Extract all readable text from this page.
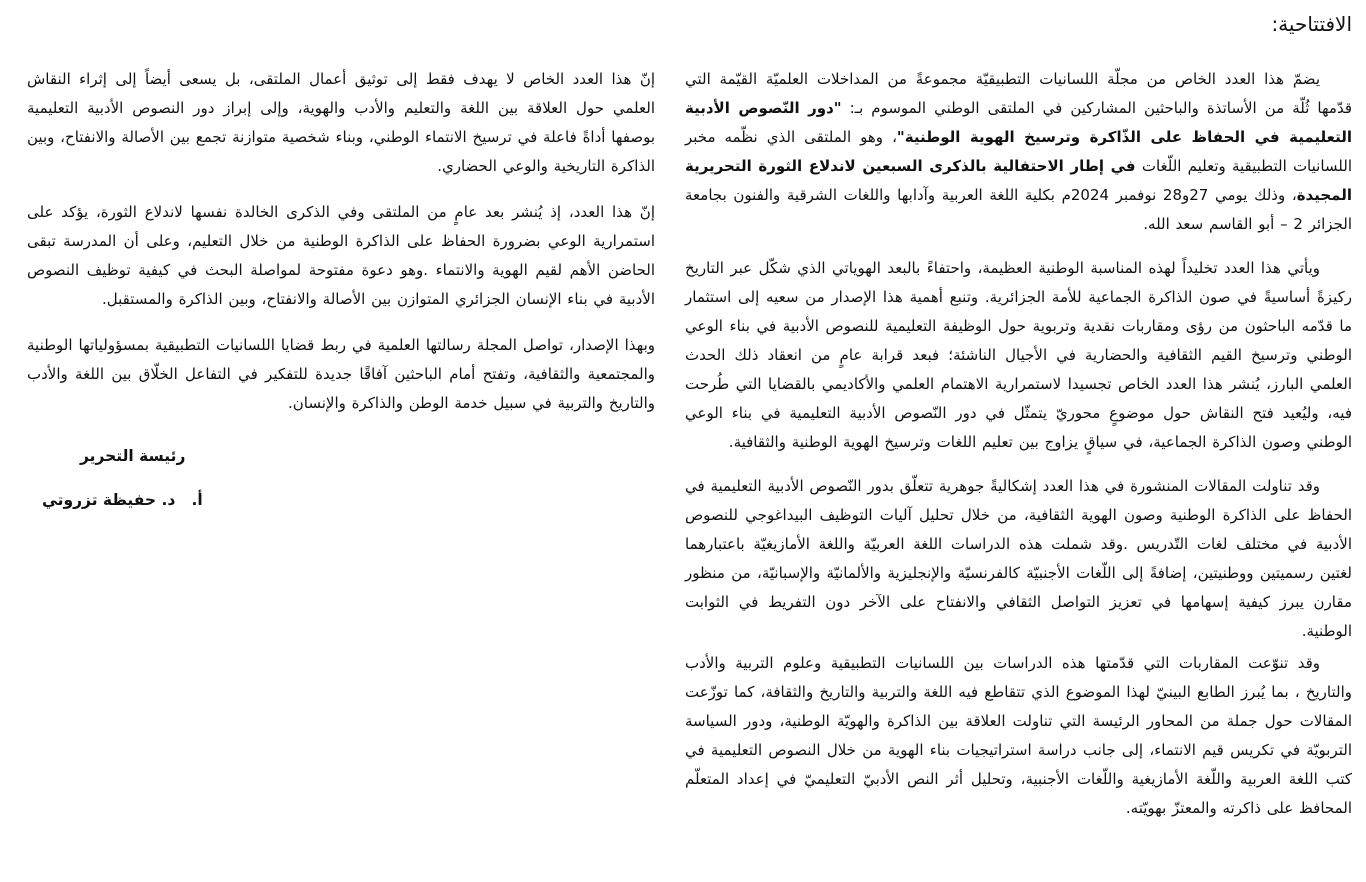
الافتتاحية:

يضمّ هذا العدد الخاص من مجلّة اللسانيات التطبيقيّة مجموعةً من المداخلات العلميّة القيّمة التي قدّمها ثُلّة من الأساتذة والباحثين المشاركين في الملتقى الوطني الموسوم بـ: "دور النّصوص الأدبية التعليمية في الحفاظ على الذّاكرة وترسيخ الهوية الوطنية"، وهو الملتقى الذي نظّمه مخبر اللسانيات التطبيقية وتعليم اللّغات في إطار الاحتفالية بالذكرى السبعين لاندلاع الثورة التحريرية المجيدة، وذلك يومي 27و28 نوفمبر 2024م بكلية اللغة العربية وآدابها واللغات الشرقية والفنون بجامعة الجزائر 2 – أبو القاسم سعد الله.

ويأتي هذا العدد تخليداً لهذه المناسبة الوطنية العظيمة، واحتفاءً بالبعد الهوياتي الذي شكّل عبر التاريخ ركيزةً أساسيةً في صون الذاكرة الجماعية للأمة الجزائرية. وتنبع أهمية هذا الإصدار من سعيه إلى استثمار ما قدّمه الباحثون من رؤى ومقاربات نقدية وتربوية حول الوظيفة التعليمية للنصوص الأدبية في بناء الوعي الوطني وترسيخ القيم الثقافية والحضارية في الأجيال الناشئة؛ فبعد قرابة عامٍ من انعقاد ذلك الحدث العلمي البارز، يُنشر هذا العدد الخاص تجسيدا لاستمرارية الاهتمام العلمي والأكاديمي بالقضايا التي طُرحت فيه، وليُعيد فتح النقاش حول موضوعٍ محوريّ يتمثّل في دور النّصوص الأدبية التعليمية في بناء الوعي الوطني وصون الذاكرة الجماعية، في سياقٍ يزاوج بين تعليم اللغات وترسيخ الهوية الوطنية والثقافية.

وقد تناولت المقالات المنشورة في هذا العدد إشكاليةً جوهرية تتعلّق بدور النّصوص الأدبية التعليمية في الحفاظ على الذاكرة الوطنية وصون الهوية الثقافية، من خلال تحليل آليات التوظيف البيداغوجي للنصوص الأدبية في مختلف لغات التّدريس .وقد شملت هذه الدراسات اللغة العربيّة واللغة الأمازيغيّة باعتبارهما لغتين رسميتين ووطنيتين، إضافةً إلى اللّغات الأجنبيّة كالفرنسيّة والإنجليزية والألمانيّة والإسبانيّة، من منظور مقارن يبرز كيفية إسهامها في تعزيز التواصل الثقافي والانفتاح على الآخر دون التفريط في الثوابت الوطنية.

وقد تنوّعت المقاربات التي قدّمتها هذه الدراسات بين اللسانيات التطبيقية وعلوم التربية والأدب والتاريخ ، بما يُبرز الطابع البينيّ لهذا الموضوع الذي تتقاطع فيه اللغة والتربية والتاريخ والثقافة، كما توزّعت المقالات حول جملة من المحاور الرئيسة التي تناولت العلاقة بين الذاكرة والهويّة الوطنية، ودور السياسة التربويّة في تكريس قيم الانتماء، إلى جانب دراسة استراتيجيات بناء الهوية من خلال النصوص التعليمية في كتب اللغة العربية واللّغة الأمازيغية واللّغات الأجنبية، وتحليل أثر النص الأدبيّ التعليميّ في إعداد المتعلّم المحافظ على ذاكرته والمعتزّ بهويّته.

إنّ هذا العدد الخاص لا يهدف فقط إلى توثيق أعمال الملتقى، بل يسعى أيضاً إلى إثراء النقاش العلمي حول العلاقة بين اللغة والتعليم والأدب والهوية، وإلى إبراز دور النصوص الأدبية التعليمية بوصفها أداةً فاعلة في ترسيخ الانتماء الوطني، وبناء شخصية متوازنة تجمع بين الأصالة والانفتاح، وبين الذاكرة التاريخية والوعي الحضاري.

إنّ هذا العدد، إذ يُنشر بعد عامٍ من الملتقى وفي الذكرى الخالدة نفسها لاندلاع الثورة، يؤكد على استمرارية الوعي بضرورة الحفاظ على الذاكرة الوطنية من خلال التعليم، وعلى أن المدرسة تبقى الحاضن الأهم لقيم الهوية والانتماء .وهو دعوة مفتوحة لمواصلة البحث في كيفية توظيف النصوص الأدبية في بناء الإنسان الجزائري المتوازن بين الأصالة والانفتاح، وبين الذاكرة والمستقبل.

وبهذا الإصدار، تواصل المجلة رسالتها العلمية في ربط قضايا اللسانيات التطبيقية بمسؤولياتها الوطنية والمجتمعية والثقافية، وتفتح أمام الباحثين آفاقًا جديدة للتفكير في التفاعل الخلّاق بين اللغة والأدب والتاريخ والتربية في سبيل خدمة الوطن والذاكرة والإنسان.

رئيسة التحرير
أ.   د. حفيظة تزروتي
